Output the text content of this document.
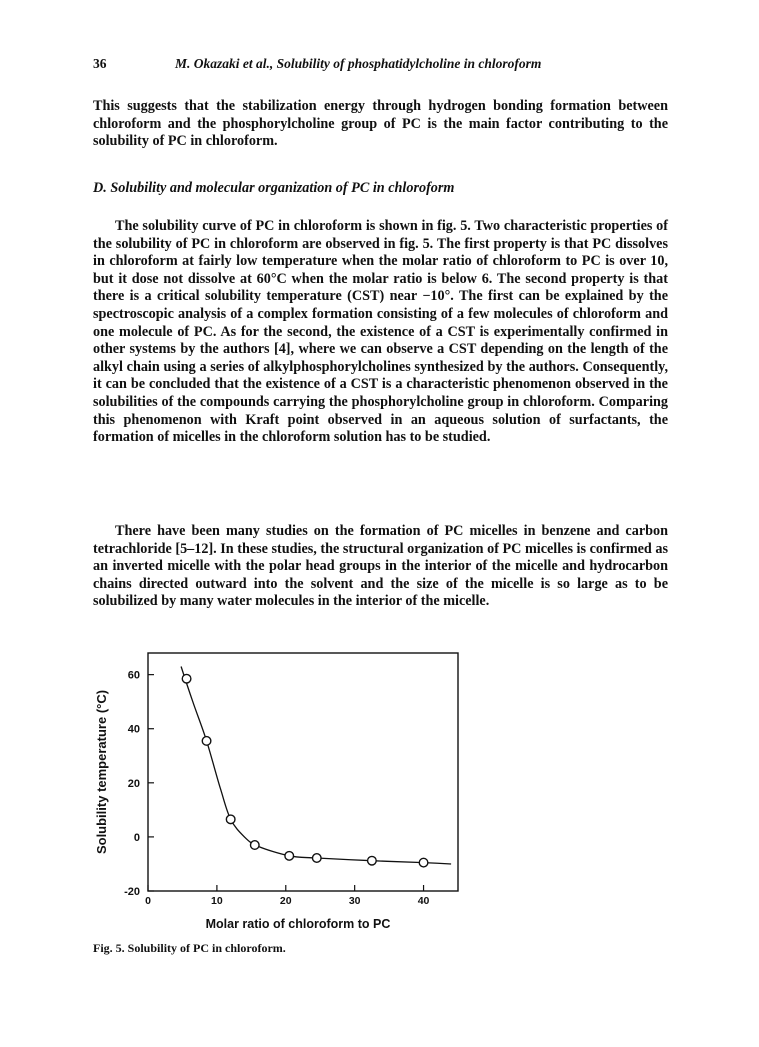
36	M. Okazaki et al., Solubility of phosphatidylcholine in chloroform

This suggests that the stabilization energy through hydrogen bonding formation between chloroform and the phosphorylcholine group of PC is the main factor contributing to the solubility of PC in chloroform.

D. Solubility and molecular organization of PC in chloroform

The solubility curve of PC in chloroform is shown in fig. 5. Two characteristic properties of the solubility of PC in chloroform are observed in fig. 5. The first property is that PC dissolves in chloroform at fairly low temperature when the molar ratio of chloroform to PC is over 10, but it dose not dissolve at 60°C when the molar ratio is below 6. The second property is that there is a critical solubility temperature (CST) near −10°. The first can be explained by the spectroscopic analysis of a complex formation consisting of a few molecules of chloroform and one molecule of PC. As for the second, the existence of a CST is experimentally confirmed in other systems by the authors [4], where we can observe a CST depending on the length of the alkyl chain using a series of alkylphosphorylcholines synthesized by the authors. Consequently, it can be concluded that the existence of a CST is a characteristic phenomenon observed in the solubilities of the compounds carrying the phosphorylcholine group in chloroform. Comparing this phenomenon with Kraft point observed in an aqueous solution of surfactants, the formation of micelles in the chloroform solution has to be studied.

There have been many studies on the formation of PC micelles in benzene and carbon tetrachloride [5–12]. In these studies, the structural organization of PC micelles is confirmed as an inverted micelle with the polar head groups in the interior of the micelle and hydrocarbon chains directed outward into the solvent and the size of the micelle is so large as to be solubilized by many water molecules in the interior of the micelle.

-20
0
20
40
60
0	10	20	30	40
Solubility temperature (°C)
Molar ratio of chloroform to PC
Fig. 5. Solubility of PC in chloroform.
